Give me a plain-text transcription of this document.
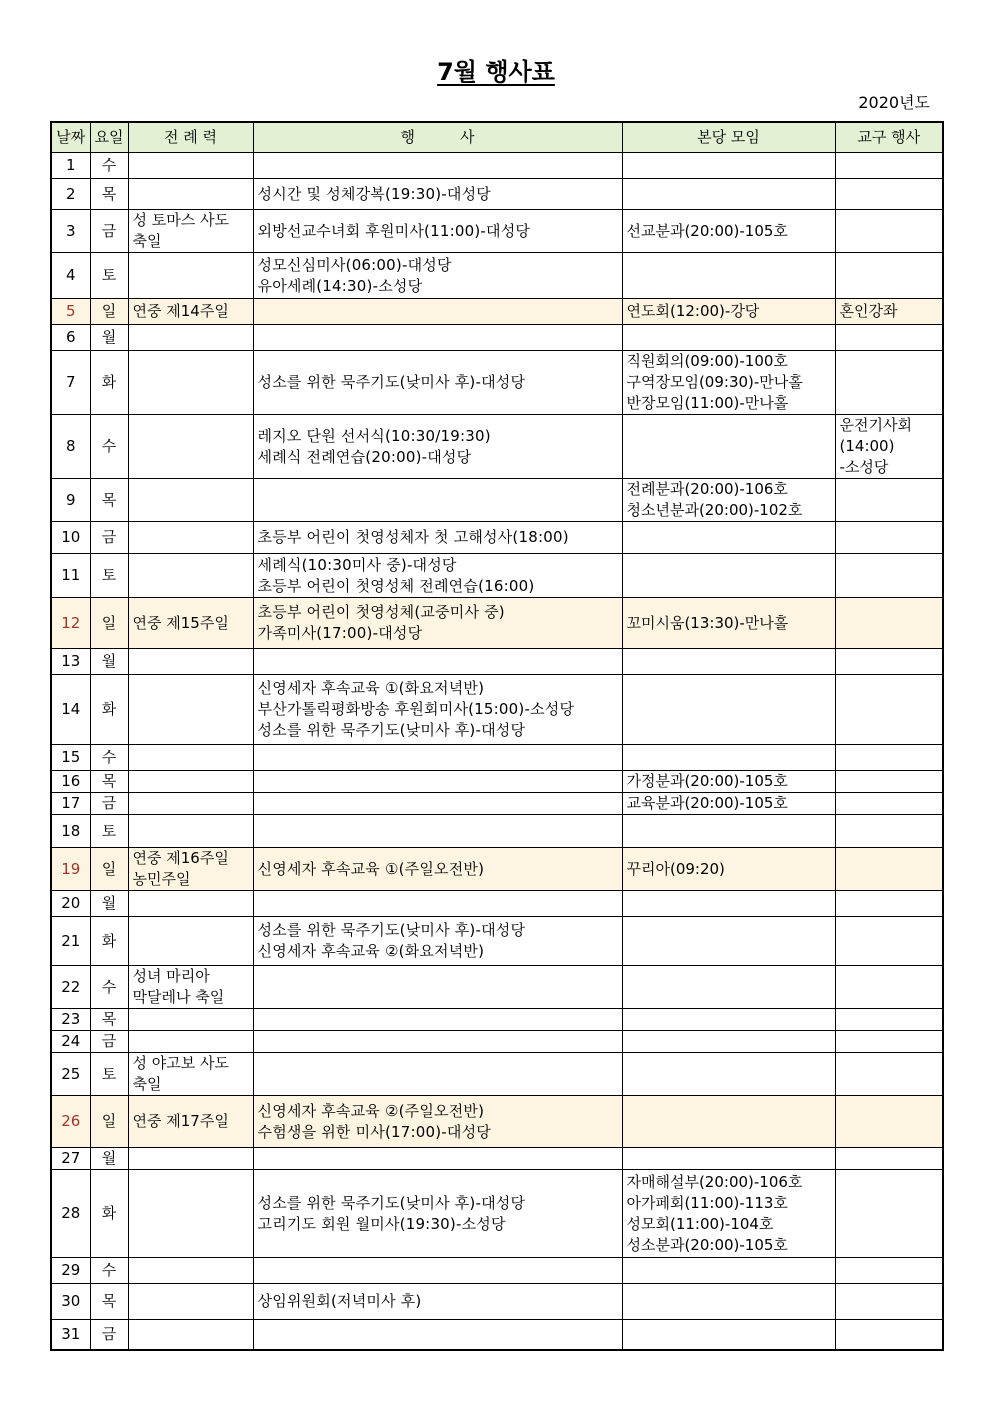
7월 행사표
2020년도
날짜	요일	전 례 력	행　　　사	본당 모임	교구 행사
1	수				
2	목		성시간 및 성체강복(19:30)-대성당		

3	금	성 토마스 사도
축일	외방선교수녀회 후원미사(11:00)-대성당	선교분과(20:00)-105호	

4	토		성모신심미사(06:00)-대성당
유아세례(14:30)-소성당		

5	일	연중 제14주일		연도회(12:00)-강당	혼인강좌

6	월				
7	화		성소를 위한 묵주기도(낮미사 후)-대성당	직원회의(09:00)-100호
구역장모임(09:30)-만나홀
반장모임(11:00)-만나홀	

8	수		레지오 단원 선서식(10:30/19:30)
세례식 전례연습(20:00)-대성당		운전기사회
(14:00)
-소성당

9	목			전례분과(20:00)-106호
청소년분과(20:00)-102호	

10	금		초등부 어린이 첫영성체자 첫 고해성사(18:00)		

11	토		세례식(10:30미사 중)-대성당
초등부 어린이 첫영성체 전례연습(16:00)		

12	일	연중 제15주일	초등부 어린이 첫영성체(교중미사 중)
가족미사(17:00)-대성당	꼬미시움(13:30)-만나홀	

13	월				
14	화		신영세자 후속교육 ①(화요저녁반)
부산가톨릭평화방송 후원회미사(15:00)-소성당
성소를 위한 묵주기도(낮미사 후)-대성당		

15	수				
16	목			가정분과(20:00)-105호	

17	금			교육분과(20:00)-105호	

18	토				
19	일	연중 제16주일
농민주일	신영세자 후속교육 ①(주일오전반)	꾸리아(09:20)	

20	월				
21	화		성소를 위한 묵주기도(낮미사 후)-대성당
신영세자 후속교육 ②(화요저녁반)		

22	수	성녀 마리아
막달레나 축일			

23	목				
24	금				
25	토	성 야고보 사도
축일			

26	일	연중 제17주일	신영세자 후속교육 ②(주일오전반)
수험생을 위한 미사(17:00)-대성당		

27	월				
28	화		성소를 위한 묵주기도(낮미사 후)-대성당
고리기도 회원 월미사(19:30)-소성당	자매해설부(20:00)-106호
아가페회(11:00)-113호
성모회(11:00)-104호
성소분과(20:00)-105호	

29	수				
30	목		상임위원회(저녁미사 후)		

31	금				
